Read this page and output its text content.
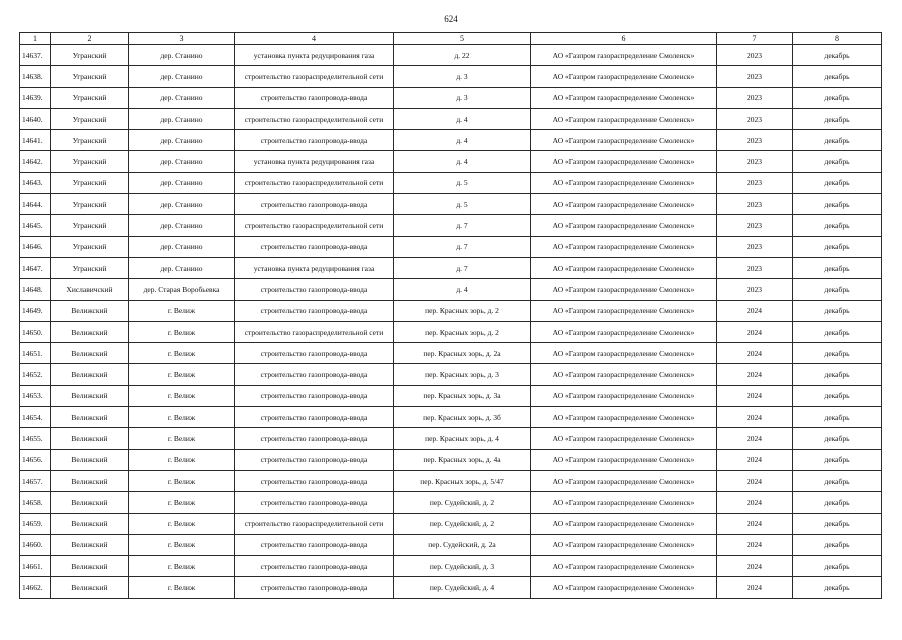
624
1	2	3	4	5	6	7	8
14637.	Угранский	дер. Станино	установка пункта редуцирования газа	д. 22	АО «Газпром газораспределение Смоленск»	2023	декабрь
14638.	Угранский	дер. Станино	строительство газораспределительной сети	д. 3	АО «Газпром газораспределение Смоленск»	2023	декабрь
14639.	Угранский	дер. Станино	строительство газопровода-ввода	д. 3	АО «Газпром газораспределение Смоленск»	2023	декабрь
14640.	Угранский	дер. Станино	строительство газораспределительной сети	д. 4	АО «Газпром газораспределение Смоленск»	2023	декабрь
14641.	Угранский	дер. Станино	строительство газопровода-ввода	д. 4	АО «Газпром газораспределение Смоленск»	2023	декабрь
14642.	Угранский	дер. Станино	установка пункта редуцирования газа	д. 4	АО «Газпром газораспределение Смоленск»	2023	декабрь
14643.	Угранский	дер. Станино	строительство газораспределительной сети	д. 5	АО «Газпром газораспределение Смоленск»	2023	декабрь
14644.	Угранский	дер. Станино	строительство газопровода-ввода	д. 5	АО «Газпром газораспределение Смоленск»	2023	декабрь
14645.	Угранский	дер. Станино	строительство газораспределительной сети	д. 7	АО «Газпром газораспределение Смоленск»	2023	декабрь
14646.	Угранский	дер. Станино	строительство газопровода-ввода	д. 7	АО «Газпром газораспределение Смоленск»	2023	декабрь
14647.	Угранский	дер. Станино	установка пункта редуцирования газа	д. 7	АО «Газпром газораспределение Смоленск»	2023	декабрь
14648.	Хиславичский	дер. Старая Воробьевка	строительство газопровода-ввода	д. 4	АО «Газпром газораспределение Смоленск»	2023	декабрь
14649.	Велижский	г. Велиж	строительство газопровода-ввода	пер. Красных зорь, д. 2	АО «Газпром газораспределение Смоленск»	2024	декабрь
14650.	Велижский	г. Велиж	строительство газораспределительной сети	пер. Красных зорь, д. 2	АО «Газпром газораспределение Смоленск»	2024	декабрь
14651.	Велижский	г. Велиж	строительство газопровода-ввода	пер. Красных зорь, д. 2а	АО «Газпром газораспределение Смоленск»	2024	декабрь
14652.	Велижский	г. Велиж	строительство газопровода-ввода	пер. Красных зорь, д. 3	АО «Газпром газораспределение Смоленск»	2024	декабрь
14653.	Велижский	г. Велиж	строительство газопровода-ввода	пер. Красных зорь, д. 3а	АО «Газпром газораспределение Смоленск»	2024	декабрь
14654.	Велижский	г. Велиж	строительство газопровода-ввода	пер. Красных зорь, д. 3б	АО «Газпром газораспределение Смоленск»	2024	декабрь
14655.	Велижский	г. Велиж	строительство газопровода-ввода	пер. Красных зорь, д. 4	АО «Газпром газораспределение Смоленск»	2024	декабрь
14656.	Велижский	г. Велиж	строительство газопровода-ввода	пер. Красных зорь, д. 4а	АО «Газпром газораспределение Смоленск»	2024	декабрь
14657.	Велижский	г. Велиж	строительство газопровода-ввода	пер. Красных зорь, д. 5/47	АО «Газпром газораспределение Смоленск»	2024	декабрь
14658.	Велижский	г. Велиж	строительство газопровода-ввода	пер. Судейский, д. 2	АО «Газпром газораспределение Смоленск»	2024	декабрь
14659.	Велижский	г. Велиж	строительство газораспределительной сети	пер. Судейский, д. 2	АО «Газпром газораспределение Смоленск»	2024	декабрь
14660.	Велижский	г. Велиж	строительство газопровода-ввода	пер. Судейский, д. 2а	АО «Газпром газораспределение Смоленск»	2024	декабрь
14661.	Велижский	г. Велиж	строительство газопровода-ввода	пер. Судейский, д. 3	АО «Газпром газораспределение Смоленск»	2024	декабрь
14662.	Велижский	г. Велиж	строительство газопровода-ввода	пер. Судейский, д. 4	АО «Газпром газораспределение Смоленск»	2024	декабрь
